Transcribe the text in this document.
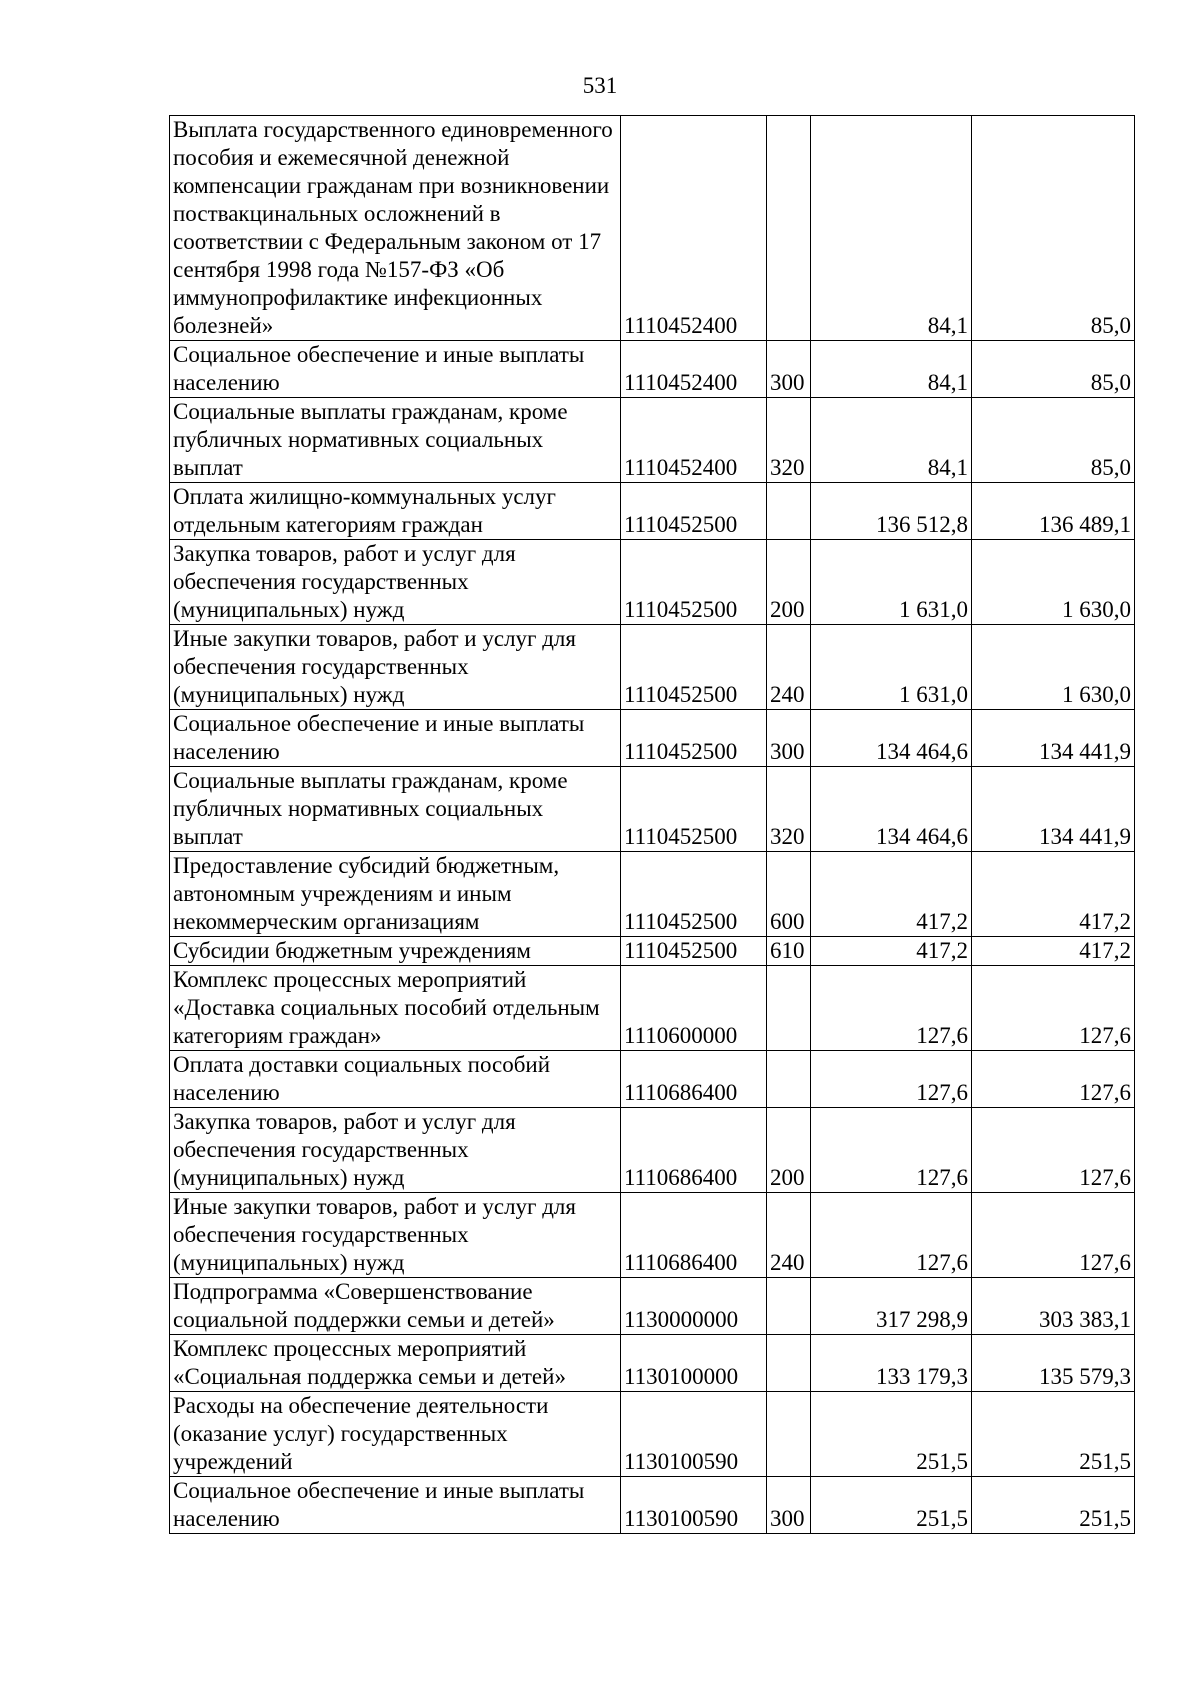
531
Выплата государственного единовременного пособия и ежемесячной денежной компенсации гражданам при возникновении поствакцинальных осложнений в соответствии с Федеральным законом от 17 сентября 1998 года №157-ФЗ «Об иммунопрофилактике инфекционных болезней»	1110452400		84,1	85,0
Социальное обеспечение и иные выплаты населению	1110452400	300	84,1	85,0
Социальные выплаты гражданам, кроме публичных нормативных социальных выплат	1110452400	320	84,1	85,0
Оплата жилищно-коммунальных услуг отдельным категориям граждан	1110452500		136 512,8	136 489,1
Закупка товаров, работ и услуг для обеспечения государственных (муниципальных) нужд	1110452500	200	1 631,0	1 630,0
Иные закупки товаров, работ и услуг для обеспечения государственных (муниципальных) нужд	1110452500	240	1 631,0	1 630,0
Социальное обеспечение и иные выплаты населению	1110452500	300	134 464,6	134 441,9
Социальные выплаты гражданам, кроме публичных нормативных социальных выплат	1110452500	320	134 464,6	134 441,9
Предоставление субсидий бюджетным, автономным учреждениям и иным некоммерческим организациям	1110452500	600	417,2	417,2
Субсидии бюджетным учреждениям	1110452500	610	417,2	417,2
Комплекс процессных мероприятий «Доставка социальных пособий отдельным категориям граждан»	1110600000		127,6	127,6
Оплата доставки социальных пособий населению	1110686400		127,6	127,6
Закупка товаров, работ и услуг для обеспечения государственных (муниципальных) нужд	1110686400	200	127,6	127,6
Иные закупки товаров, работ и услуг для обеспечения государственных (муниципальных) нужд	1110686400	240	127,6	127,6
Подпрограмма «Совершенствование социальной поддержки семьи и детей»	1130000000		317 298,9	303 383,1
Комплекс процессных мероприятий «Социальная поддержка семьи и детей»	1130100000		133 179,3	135 579,3
Расходы на обеспечение деятельности (оказание услуг) государственных учреждений	1130100590		251,5	251,5
Социальное обеспечение и иные выплаты населению	1130100590	300	251,5	251,5
